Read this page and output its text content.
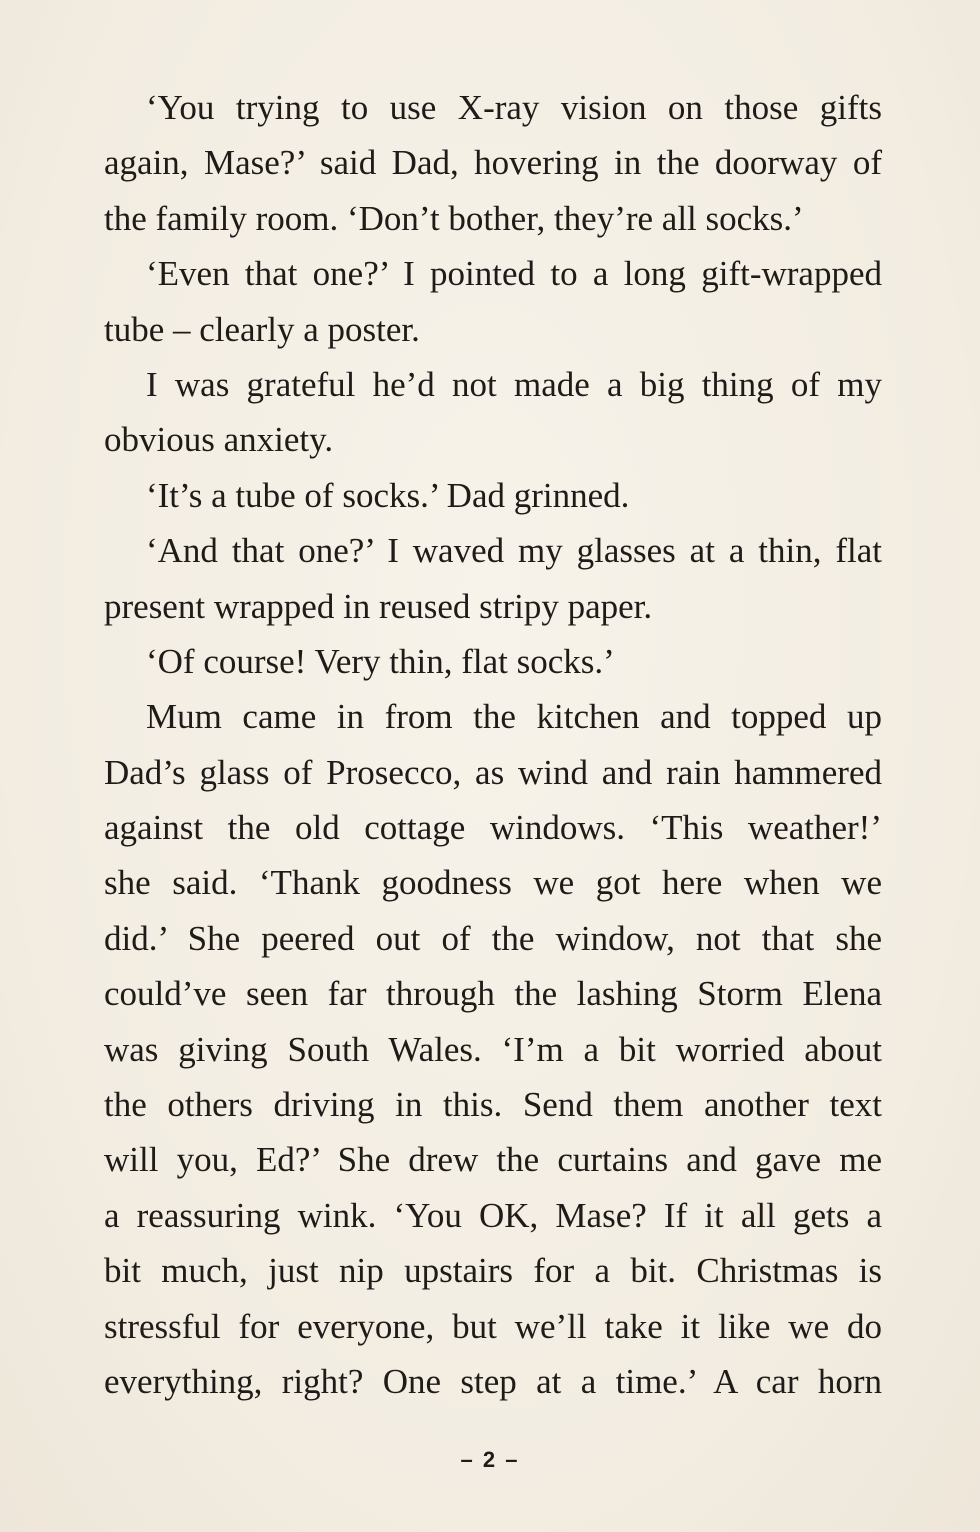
‘You trying to use X-ray vision on those gifts
again, Mase?’ said Dad, hovering in the doorway of
the family room. ‘Don’t bother, they’re all socks.’
‘Even that one?’ I pointed to a long gift-wrapped
tube – clearly a poster.
I was grateful he’d not made a big thing of my
obvious anxiety.
‘It’s a tube of socks.’ Dad grinned.
‘And that one?’ I waved my glasses at a thin, flat
present wrapped in reused stripy paper.
‘Of course! Very thin, flat socks.’
Mum came in from the kitchen and topped up
Dad’s glass of Prosecco, as wind and rain hammered
against the old cottage windows. ‘This weather!’
she said. ‘Thank goodness we got here when we
did.’ She peered out of the window, not that she
could’ve seen far through the lashing Storm Elena
was giving South Wales. ‘I’m a bit worried about
the others driving in this. Send them another text
will you, Ed?’ She drew the curtains and gave me
a reassuring wink. ‘You OK, Mase? If it all gets a
bit much, just nip upstairs for a bit. Christmas is
stressful for everyone, but we’ll take it like we do
everything, right? One step at a time.’ A car horn
– 2 –
